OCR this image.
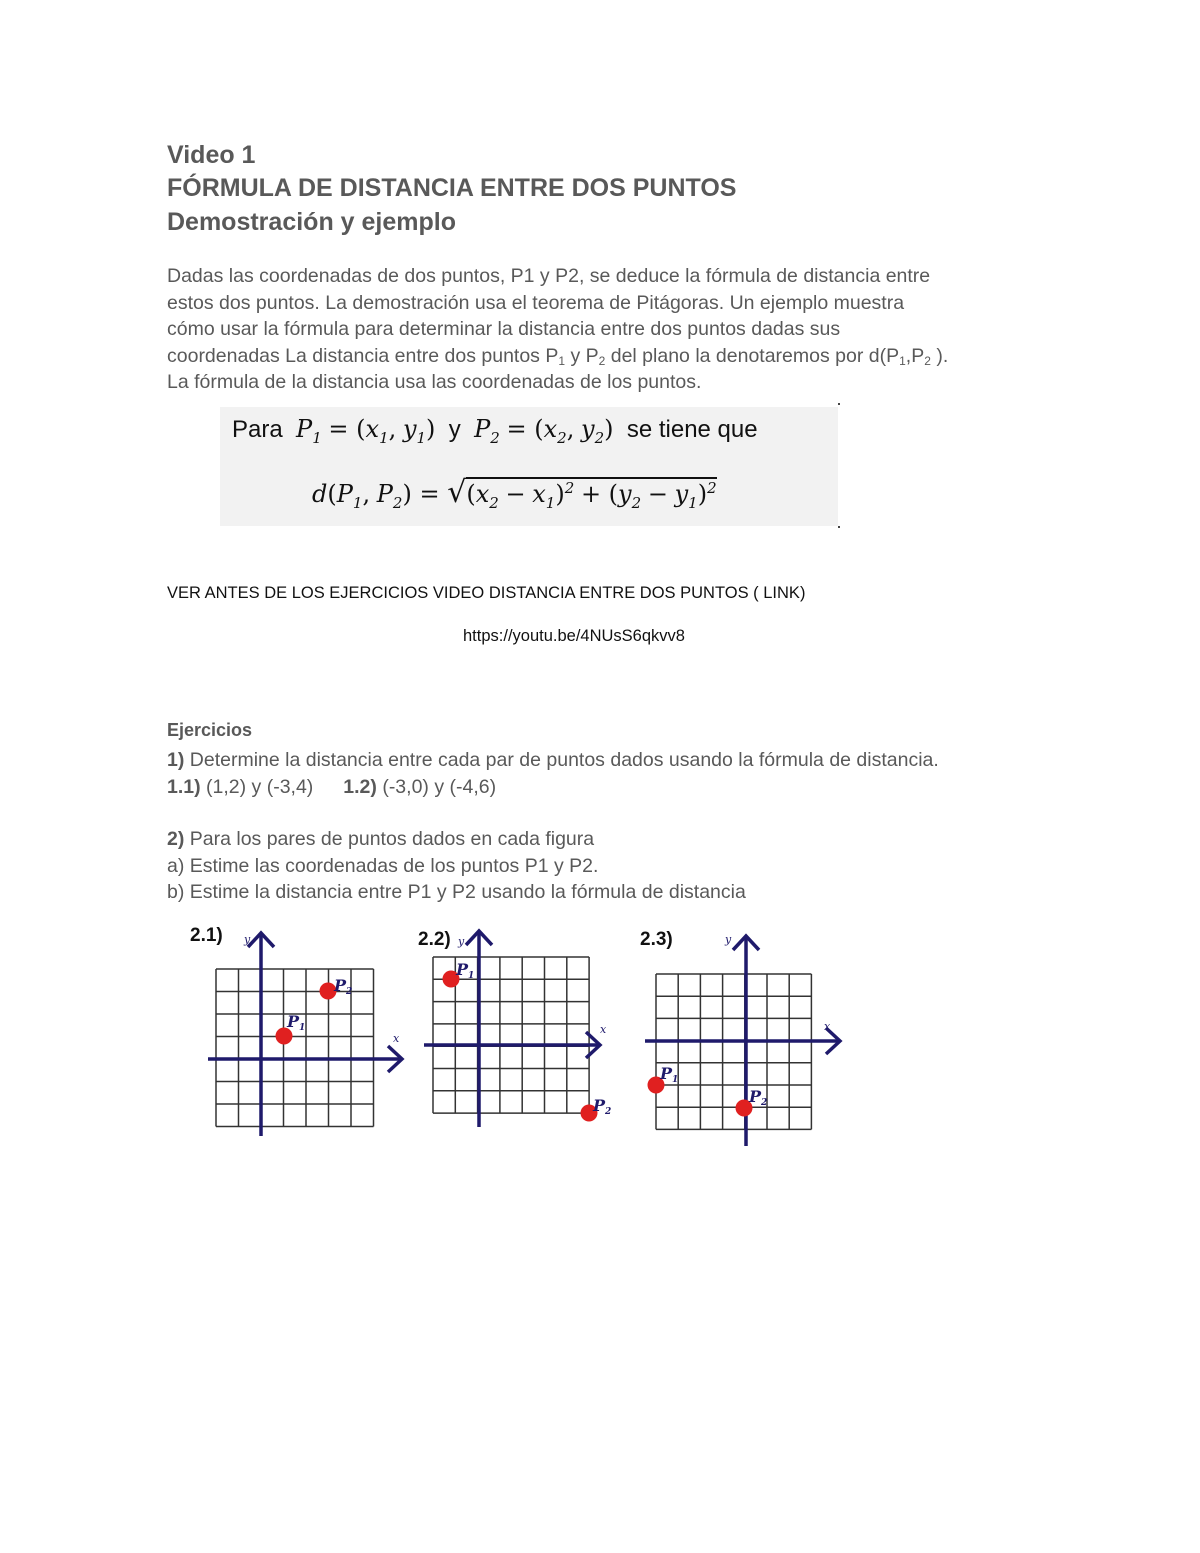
Video 1
FÓRMULA DE DISTANCIA ENTRE DOS PUNTOS
Demostración y ejemplo
Dadas las coordenadas de dos puntos, P1 y P2, se deduce la fórmula de distancia entre
estos dos puntos. La demostración usa el teorema de Pitágoras. Un ejemplo muestra
cómo usar la fórmula para determinar la distancia entre dos puntos dadas sus
coordenadas La distancia entre dos puntos $P_1$ y $P_2$ del plano la denotaremos por $d(P_1,P_2$ ).
La fórmula de la distancia usa las coordenadas de los puntos.
Para $P_1 = (x_1$, $y_1$) y $P_2 = (x_2$, $y_2$) se tiene que
$d(P_1$, $P_2) = √(x_2 - x_1)^2 + (y_2 - y_1)^2$
VER ANTES DE LOS EJERCICIOS VIDEO DISTANCIA ENTRE DOS PUNTOS ( LINK)
https://youtu.be/4NUsS6qkvv8
Ejercicios
1) Determine la distancia entre cada par de puntos dados usando la fórmula de distancia.
1.1) (1,2) y (-3,4) 1.2) (-3,0) y (-4,6)
2) Para los pares de puntos dados en cada figura
a) Estime las coordenadas de los puntos P1 y P2.
b) Estime la distancia entre P1 y P2 usando la fórmula de distancia
2.1)	2.2)	2.3)
x
y
P1
P2
x
y
P1
P2
x
y
P1
P2
